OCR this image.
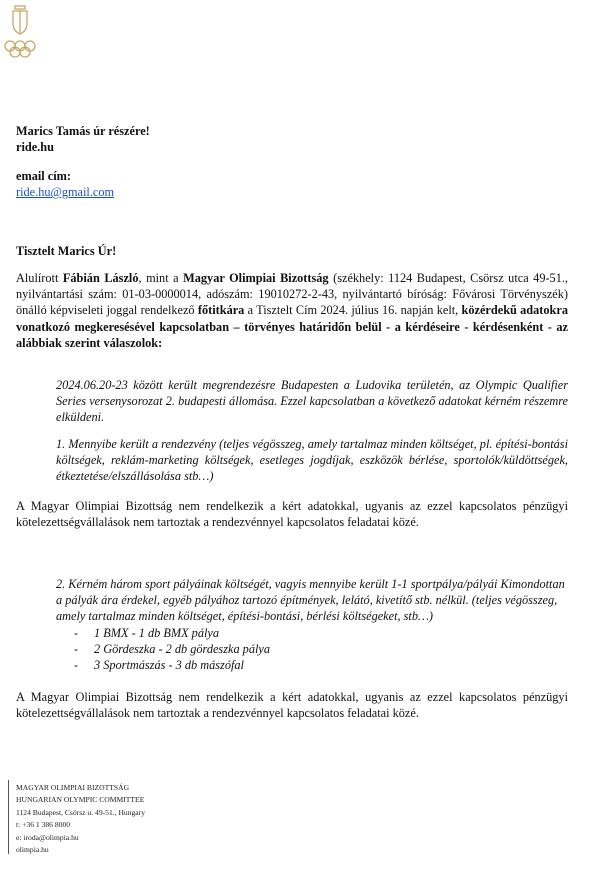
Marics Tamás úr részére!

ride.hu

email cím:

ride.hu@gmail.com

Tisztelt Marics Úr!
Alulírott Fábián László, mint a Magyar Olimpiai Bizottság (székhely: 1124 Budapest, Csörsz utca 49-51., nyilvántartási szám: 01-03-0000014, adószám: 19010272-2-43, nyilvántartó bíróság: Fővárosi Törvényszék) önálló képviseleti joggal rendelkező főtitkára a Tisztelt Cím 2024. július 16. napján kelt, közérdekű adatokra vonatkozó megkeresésével kapcsolatban – törvényes határidőn belül - a kérdéseire - kérdésenként - az alábbiak szerint válaszolok:
2024.06.20-23 között került megrendezésre Budapesten a Ludovika területén, az Olympic Qualifier Series versenysorozat 2. budapesti állomása. Ezzel kapcsolatban a következő adatokat kérném részemre elküldeni.
1. Mennyibe került a rendezvény (teljes végösszeg, amely tartalmaz minden költséget, pl. építési-bontási költségek, reklám-marketing költségek, esetleges jogdíjak, eszközök bérlése, sportolók/küldöttségek, étkeztetése/elszállásolása stb…)
A Magyar Olimpiai Bizottság nem rendelkezik a kért adatokkal, ugyanis az ezzel kapcsolatos pénzügyi kötelezettségvállalások nem tartoztak a rendezvénnyel kapcsolatos feladatai közé.

2. Kérném három sport pályáinak költségét, vagyis mennyibe került 1-1 sportpálya/pályái Kimondottan a pályák ára érdekel, egyéb pályához tartozó építmények, lelátó, kivetítő stb. nélkül. (teljes végösszeg, amely tartalmaz minden költséget, építési-bontási, bérlési költségeket, stb…)

- 1 BMX - 1 db BMX pálya
- 2 Gördeszka - 2 db gördeszka pálya
- 3 Sportmászás - 3 db mászófal
A Magyar Olimpiai Bizottság nem rendelkezik a kért adatokkal, ugyanis az ezzel kapcsolatos pénzügyi kötelezettségvállalások nem tartoztak a rendezvénnyel kapcsolatos feladatai közé.
MAGYAR OLIMPIAI BIZOTTSÁG
HUNGARIAN OLYMPIC COMMITTEE
1124 Budapest, Csörsz u. 49-51., Hungary
t: +36 1 386 8000
e: iroda@olimpia.hu
olimpia.hu
